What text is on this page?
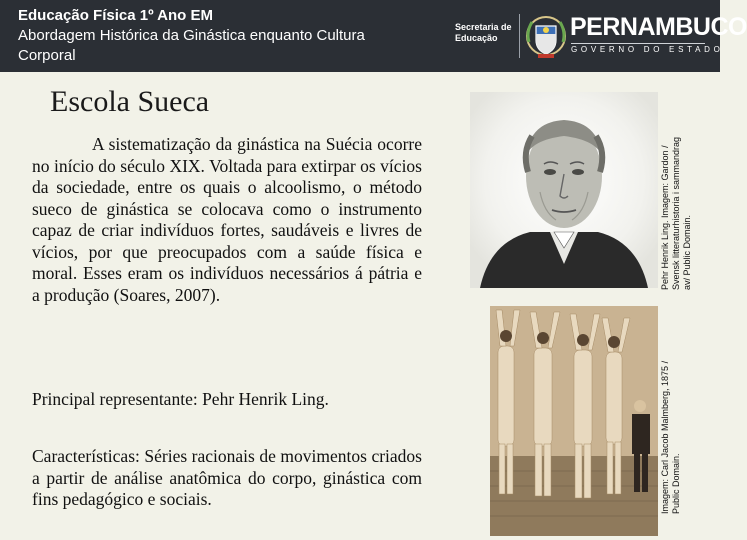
Educação Física 1º Ano EM
Abordagem Histórica da Ginástica enquanto Cultura
Corporal
Secretaria de
Educação	PERNAMBUCO
GOVERNO DO ESTADO
Escola Sueca

A sistematização da ginástica na Suécia ocorre no início do século XIX. Voltada para extirpar os vícios da sociedade, entre os quais o alcoolismo, o método sueco de ginástica se colocava como o instrumento capaz de criar indivíduos fortes, saudáveis e livres de vícios, por que preocupados com a saúde física e moral. Esses eram os indivíduos necessários á pátria e a produção (Soares, 2007).

Principal representante: Pehr Henrik Ling.

Características: Séries racionais de movimentos criados a partir de análise anatômica do corpo, ginástica com fins pedagógico e sociais.

Pehr Henrik Ling. Imagem: Gardon / Svensk litteraturhistoria i sammandrag av/ Public Domain.
Imagem: Carl Jacob Malmberg, 1875 / Public Domain.
